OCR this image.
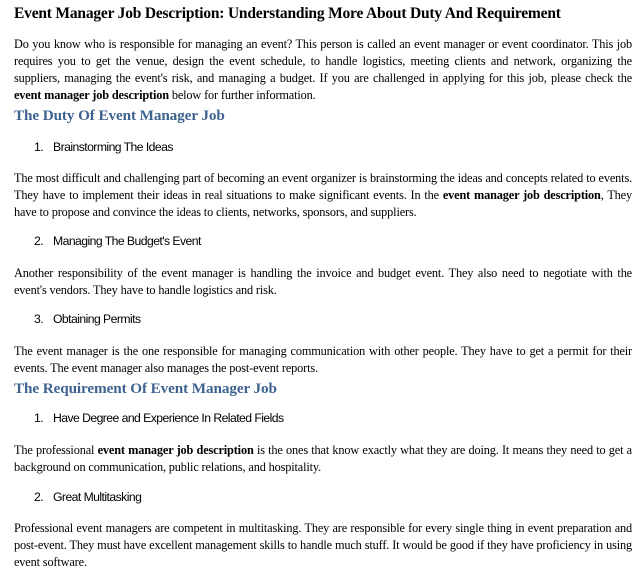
Event Manager Job Description: Understanding More About Duty And Requirement
Do you know who is responsible for managing an event? This person is called an event manager or event coordinator. This job requires you to get the venue, design the event schedule, to handle logistics, meeting clients and network, organizing the suppliers, managing the event's risk, and managing a budget. If you are challenged in applying for this job, please check the event manager job description below for further information.
The Duty Of Event Manager Job
1. Brainstorming The Ideas
The most difficult and challenging part of becoming an event organizer is brainstorming the ideas and concepts related to events. They have to implement their ideas in real situations to make significant events. In the event manager job description, They have to propose and convince the ideas to clients, networks, sponsors, and suppliers.
2. Managing The Budget's Event
Another responsibility of the event manager is handling the invoice and budget event. They also need to negotiate with the event's vendors. They have to handle logistics and risk.
3. Obtaining Permits
The event manager is the one responsible for managing communication with other people. They have to get a permit for their events. The event manager also manages the post-event reports.
The Requirement Of Event Manager Job
1. Have Degree and Experience In Related Fields
The professional event manager job description is the ones that know exactly what they are doing. It means they need to get a background on communication, public relations, and hospitality.
2. Great Multitasking
Professional event managers are competent in multitasking. They are responsible for every single thing in event preparation and post-event. They must have excellent management skills to handle much stuff. It would be good if they have proficiency in using event software.
